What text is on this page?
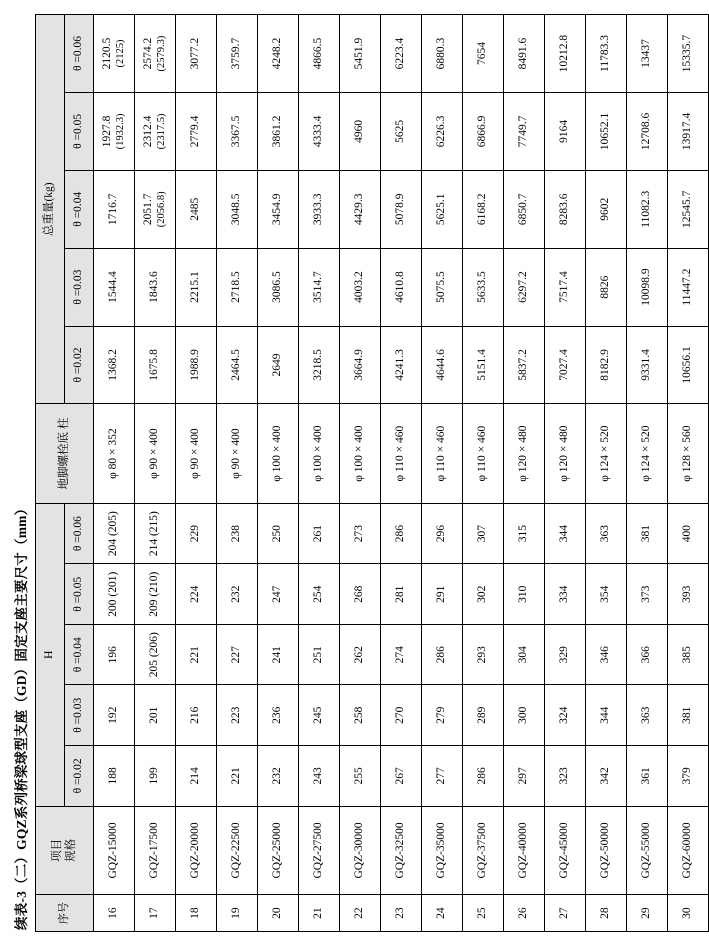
续表-3（二）GQZ系列桥梁球型支座（GD）固定支座主要尺寸（mm）	序号	项目 规格	H					地脚螺栓底 柱	总重量(kg)				
		θ =0.02	θ =0.03	θ =0.04	θ =0.05	θ =0.06		θ =0.02	θ =0.03	θ =0.04	θ =0.05	θ =0.06
16	GQZ-15000	188	192	196	200 (201)	204 (205)	φ 80 × 352	1368.2	1544.4	1716.7	1927.8 (1932.3)	2120.5 (2125)

17	GQZ-17500	199	201	205 (206)	209 (210)	214 (215)	φ 90 × 400	1675.8	1843.6	2051.7 (2056.8)	2312.4 (2317.5)	2574.2 (2579.3)

18	GQZ-20000	214	216	221	224	229	φ 90 × 400	1988.9	2215.1	2485	2779.4	3077.2
19	GQZ-22500	221	223	227	232	238	φ 90 × 400	2464.5	2718.5	3048.5	3367.5	3759.7
20	GQZ-25000	232	236	241	247	250	φ 100 × 400	2649	3086.5	3454.9	3861.2	4248.2
21	GQZ-27500	243	245	251	254	261	φ 100 × 400	3218.5	3514.7	3933.3	4333.4	4866.5
22	GQZ-30000	255	258	262	268	273	φ 100 × 400	3664.9	4003.2	4429.3	4960	5451.9
23	GQZ-32500	267	270	274	281	286	φ 110 × 460	4241.3	4610.8	5078.9	5625	6223.4
24	GQZ-35000	277	279	286	291	296	φ 110 × 460	4644.6	5075.5	5625.1	6226.3	6880.3
25	GQZ-37500	286	289	293	302	307	φ 110 × 460	5151.4	5633.5	6168.2	6866.9	7654
26	GQZ-40000	297	300	304	310	315	φ 120 × 480	5837.2	6297.2	6850.7	7749.7	8491.6
27	GQZ-45000	323	324	329	334	344	φ 120 × 480	7027.4	7517.4	8283.6	9164	10212.8
28	GQZ-50000	342	344	346	354	363	φ 124 × 520	8182.9	8826	9602	10652.1	11783.3
29	GQZ-55000	361	363	366	373	381	φ 124 × 520	9331.4	10098.9	11082.3	12708.6	13437
30	GQZ-60000	379	381	385	393	400	φ 128 × 560	10656.1	11447.2	12545.7	13917.4	15335.7
